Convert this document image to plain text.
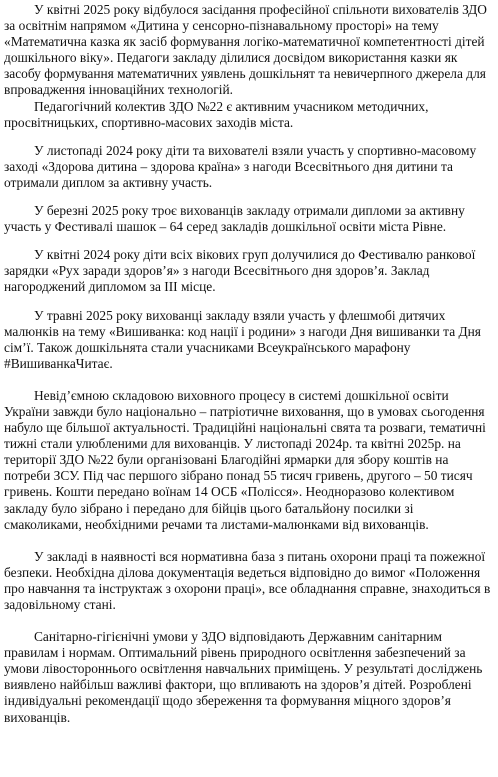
У квітні 2025 року відбулося засідання професійної спільноти вихователів ЗДО за освітнім напрямом «Дитина у сенсорно-пізнавальному просторі» на тему «Математична казка як засіб формування логіко-математичної компетентності дітей дошкільного віку». Педагоги закладу ділилися досвідом використання казки як засобу формування математичних уявлень дошкільнят та невичерпного джерела для впровадження інноваційних технологій.

Педагогічний колектив ЗДО №22 є активним учасником методичних, просвітницьких, спортивно-масових заходів міста.

У листопаді 2024 року діти та вихователі взяли участь у спортивно-масовому заході «Здорова дитина – здорова країна» з нагоди Всесвітнього дня дитини та отримали диплом за активну участь.

У березні 2025 року троє вихованців закладу отримали дипломи за активну участь у Фестивалі шашок – 64 серед закладів дошкільної освіти міста Рівне.

У квітні 2024 року діти всіх вікових груп долучилися до Фестивалю ранкової зарядки «Рух заради здоров’я» з нагоди Всесвітнього дня здоров’я. Заклад нагороджений дипломом за ІІІ місце.

У травні 2025 року вихованці закладу взяли участь у флешмобі дитячих малюнків на тему «Вишиванка: код нації і родини» з нагоди Дня вишиванки та Дня сім’ї. Також дошкільнята стали учасниками Всеукраїнського марафону #ВишиванкаЧитає.

Невід’ємною складовою виховного процесу в системі дошкільної освіти України завжди було національно – патріотичне виховання, що в умовах сьогодення набуло ще більшої актуальності. Традиційні національні свята та розваги, тематичні тижні стали улюбленими для вихованців. У листопаді 2024р. та квітні 2025р. на території ЗДО №22 були організовані Благодійні ярмарки для збору коштів на потреби ЗСУ. Під час першого зібрано понад 55 тисяч гривень, другого – 50 тисяч гривень. Кошти передано воїнам 14 ОСБ «Полісся». Неодноразово колективом закладу було зібрано і передано для бійців цього батальйону посилки зі смаколиками, необхідними речами та листами-малюнками від вихованців.

У закладі в наявності вся нормативна база з питань охорони праці та пожежної безпеки. Необхідна ділова документація ведеться відповідно до вимог «Положення про навчання та інструктаж з охорони праці», все обладнання справне, знаходиться в задовільному стані.

Санітарно-гігієнічні умови у ЗДО відповідають Державним санітарним правилам і нормам. Оптимальний рівень природного освітлення забезпечений за умови лівостороннього освітлення навчальних приміщень. У результаті досліджень виявлено найбільш важливі фактори, що впливають на здоров’я дітей. Розроблені індивідуальні рекомендації щодо збереження та формування міцного здоров’я вихованців.
